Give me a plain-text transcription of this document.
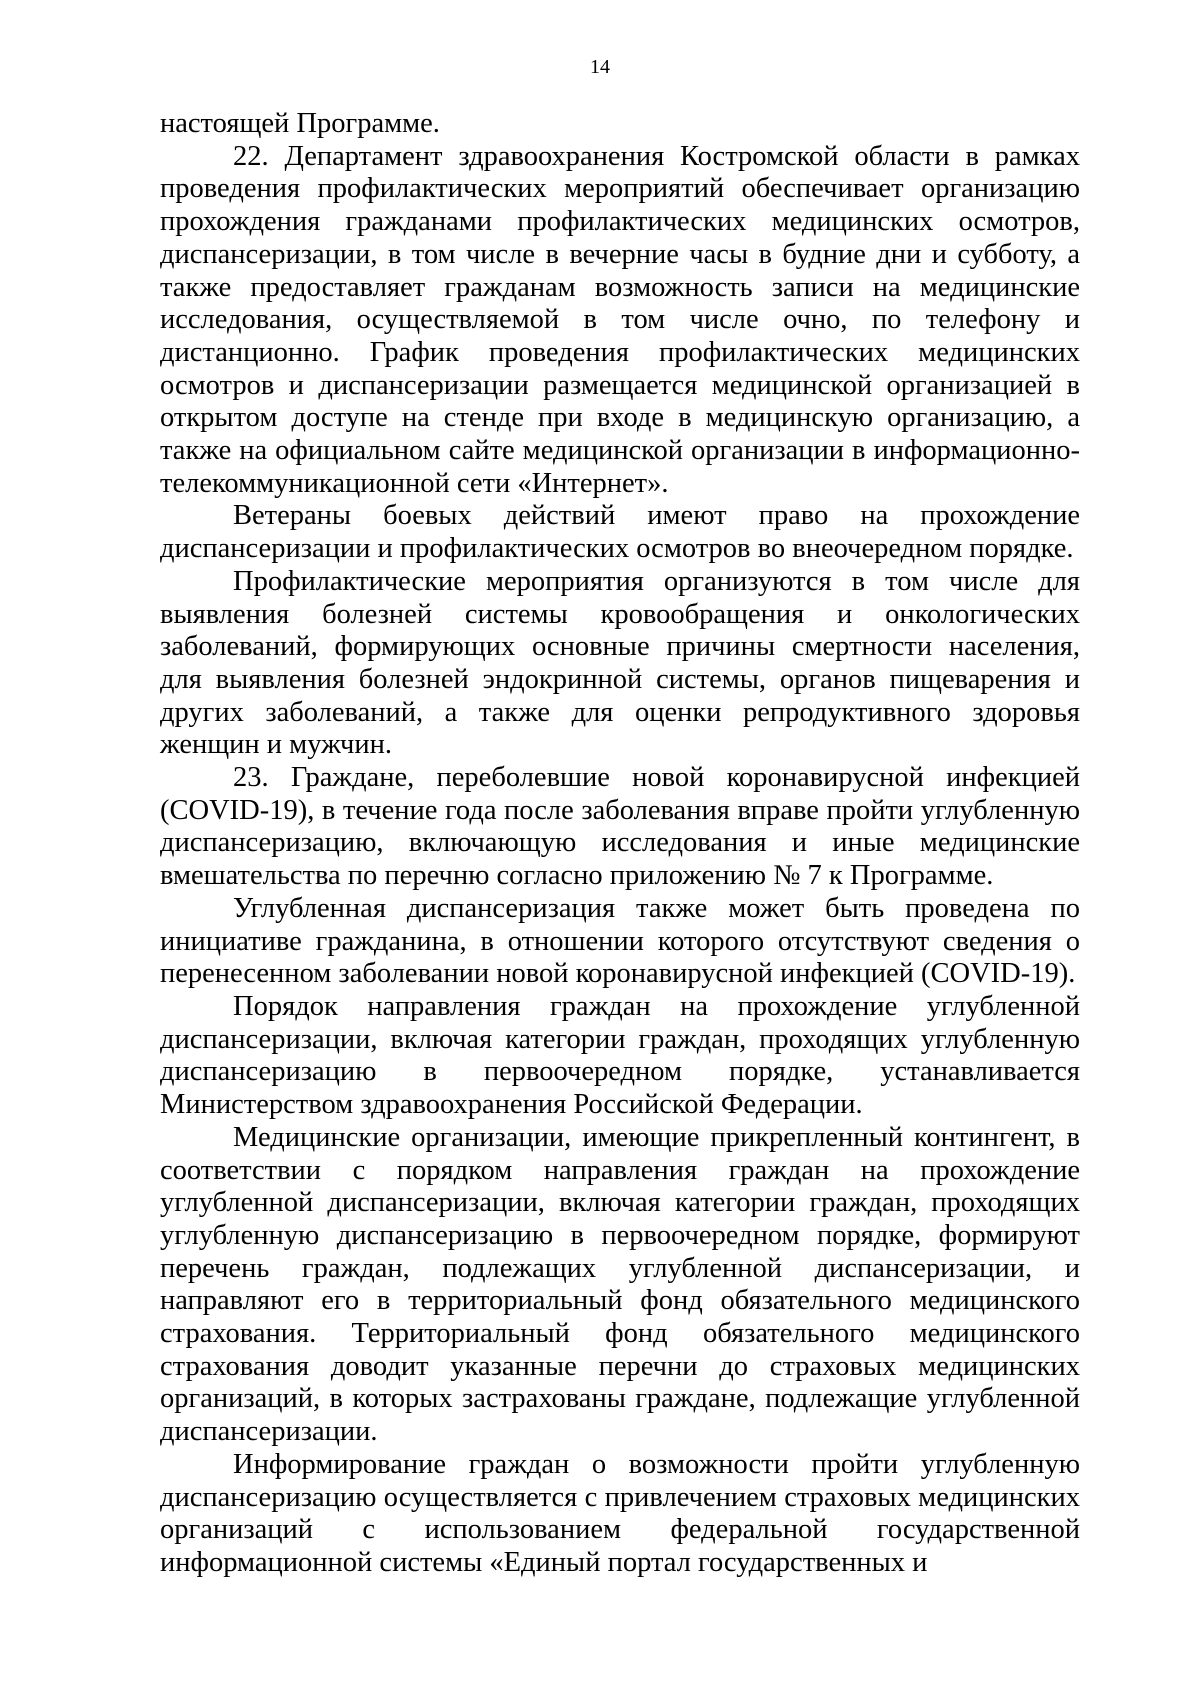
14

настоящей Программе.

22. Департамент здравоохранения Костромской области в рамках проведения профилактических мероприятий обеспечивает организацию прохождения гражданами профилактических медицинских осмотров, диспансеризации, в том числе в вечерние часы в будние дни и субботу, а также предоставляет гражданам возможность записи на медицинские исследования, осуществляемой в том числе очно, по телефону и дистанционно. График проведения профилактических медицинских осмотров и диспансеризации размещается медицинской организацией в открытом доступе на стенде при входе в медицинскую организацию, а также на официальном сайте медицинской организации в информационно-телекоммуникационной сети «Интернет».

Ветераны боевых действий имеют право на прохождение диспансеризации и профилактических осмотров во внеочередном порядке.

Профилактические мероприятия организуются в том числе для выявления болезней системы кровообращения и онкологических заболеваний, формирующих основные причины смертности населения, для выявления болезней эндокринной системы, органов пищеварения и других заболеваний, а также для оценки репродуктивного здоровья женщин и мужчин.

23. Граждане, переболевшие новой коронавирусной инфекцией (COVID-19), в течение года после заболевания вправе пройти углубленную диспансеризацию, включающую исследования и иные медицинские вмешательства по перечню согласно приложению № 7 к Программе.

Углубленная диспансеризация также может быть проведена по инициативе гражданина, в отношении которого отсутствуют сведения о перенесенном заболевании новой коронавирусной инфекцией (COVID-19).

Порядок направления граждан на прохождение углубленной диспансеризации, включая категории граждан, проходящих углубленную диспансеризацию в первоочередном порядке, устанавливается Министерством здравоохранения Российской Федерации.

Медицинские организации, имеющие прикрепленный контингент, в соответствии с порядком направления граждан на прохождение углубленной диспансеризации, включая категории граждан, проходящих углубленную диспансеризацию в первоочередном порядке, формируют перечень граждан, подлежащих углубленной диспансеризации, и направляют его в территориальный фонд обязательного медицинского страхования. Территориальный фонд обязательного медицинского страхования доводит указанные перечни до страховых медицинских организаций, в которых застрахованы граждане, подлежащие углубленной диспансеризации.

Информирование граждан о возможности пройти углубленную диспансеризацию осуществляется с привлечением страховых медицинских организаций с использованием федеральной государственной информационной системы «Единый портал государственных и
